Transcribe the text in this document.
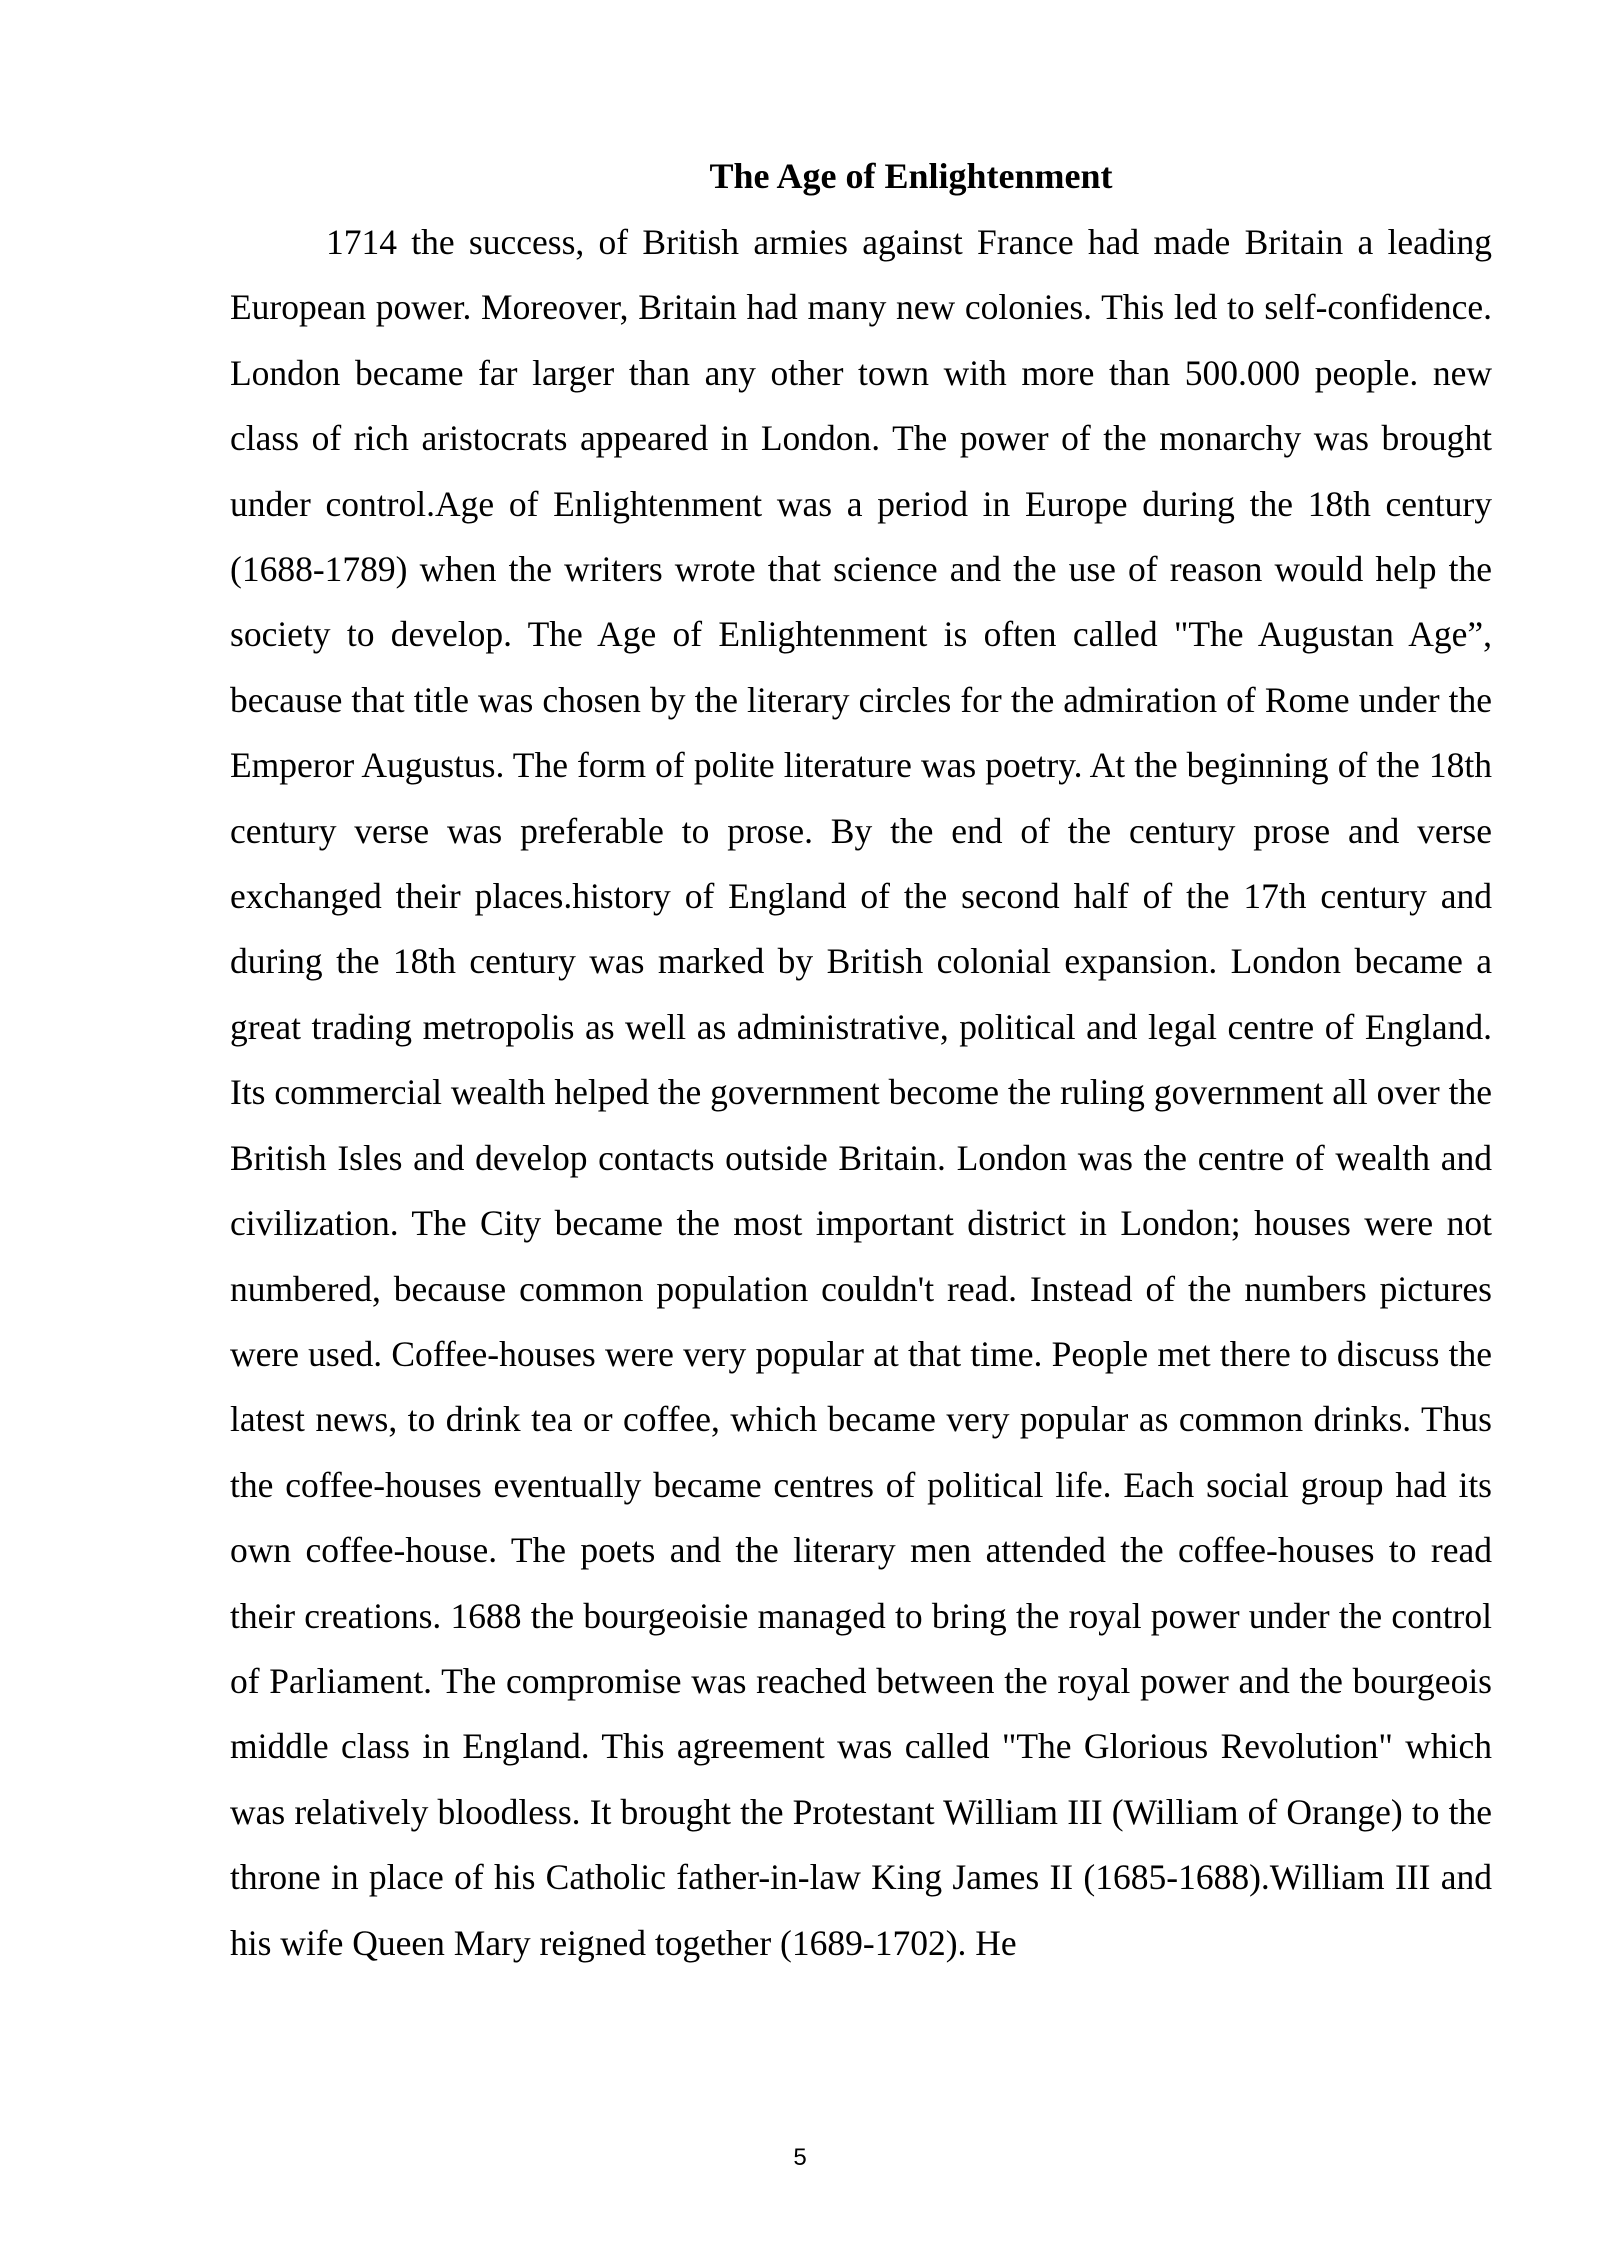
The Age of Enlightenment

1714 the success, of British armies against France had made Britain a leading European power. Moreover, Britain had many new colonies. This led to self-confidence. London became far larger than any other town with more than 500.000 people. new class of rich aristocrats appeared in London. The power of the monarchy was brought under control.Age of Enlightenment was a period in Europe during the 18th century (1688-1789) when the writers wrote that science and the use of reason would help the society to develop. The Age of Enlightenment is often called "The Augustan Age”, because that title was chosen by the literary circles for the admiration of Rome under the Emperor Augustus. The form of polite literature was poetry. At the beginning of the 18th century verse was preferable to prose. By the end of the century prose and verse exchanged their places.history of England of the second half of the 17th century and during the 18th century was marked by British colonial expansion. London became a great trading metropolis as well as administrative, political and legal centre of England. Its commercial wealth helped the government become the ruling government all over the British Isles and develop contacts outside Britain. London was the centre of wealth and civilization. The City became the most important district in London; houses were not numbered, because common population couldn't read. Instead of the numbers pictures were used. Coffee-houses were very popular at that time. People met there to discuss the latest news, to drink tea or coffee, which became very popular as common drinks. Thus the coffee-houses eventually became centres of political life. Each social group had its own coffee-house. The poets and the literary men attended the coffee-houses to read their creations. 1688 the bourgeoisie managed to bring the royal power under the control of Parliament. The compromise was reached between the royal power and the bourgeois middle class in England. This agreement was called "The Glorious Revolution" which was relatively bloodless. It brought the Protestant William III (William of Orange) to the throne in place of his Catholic father-in-law King James II (1685-1688).William III and his wife Queen Mary reigned together (1689-1702). He

5
